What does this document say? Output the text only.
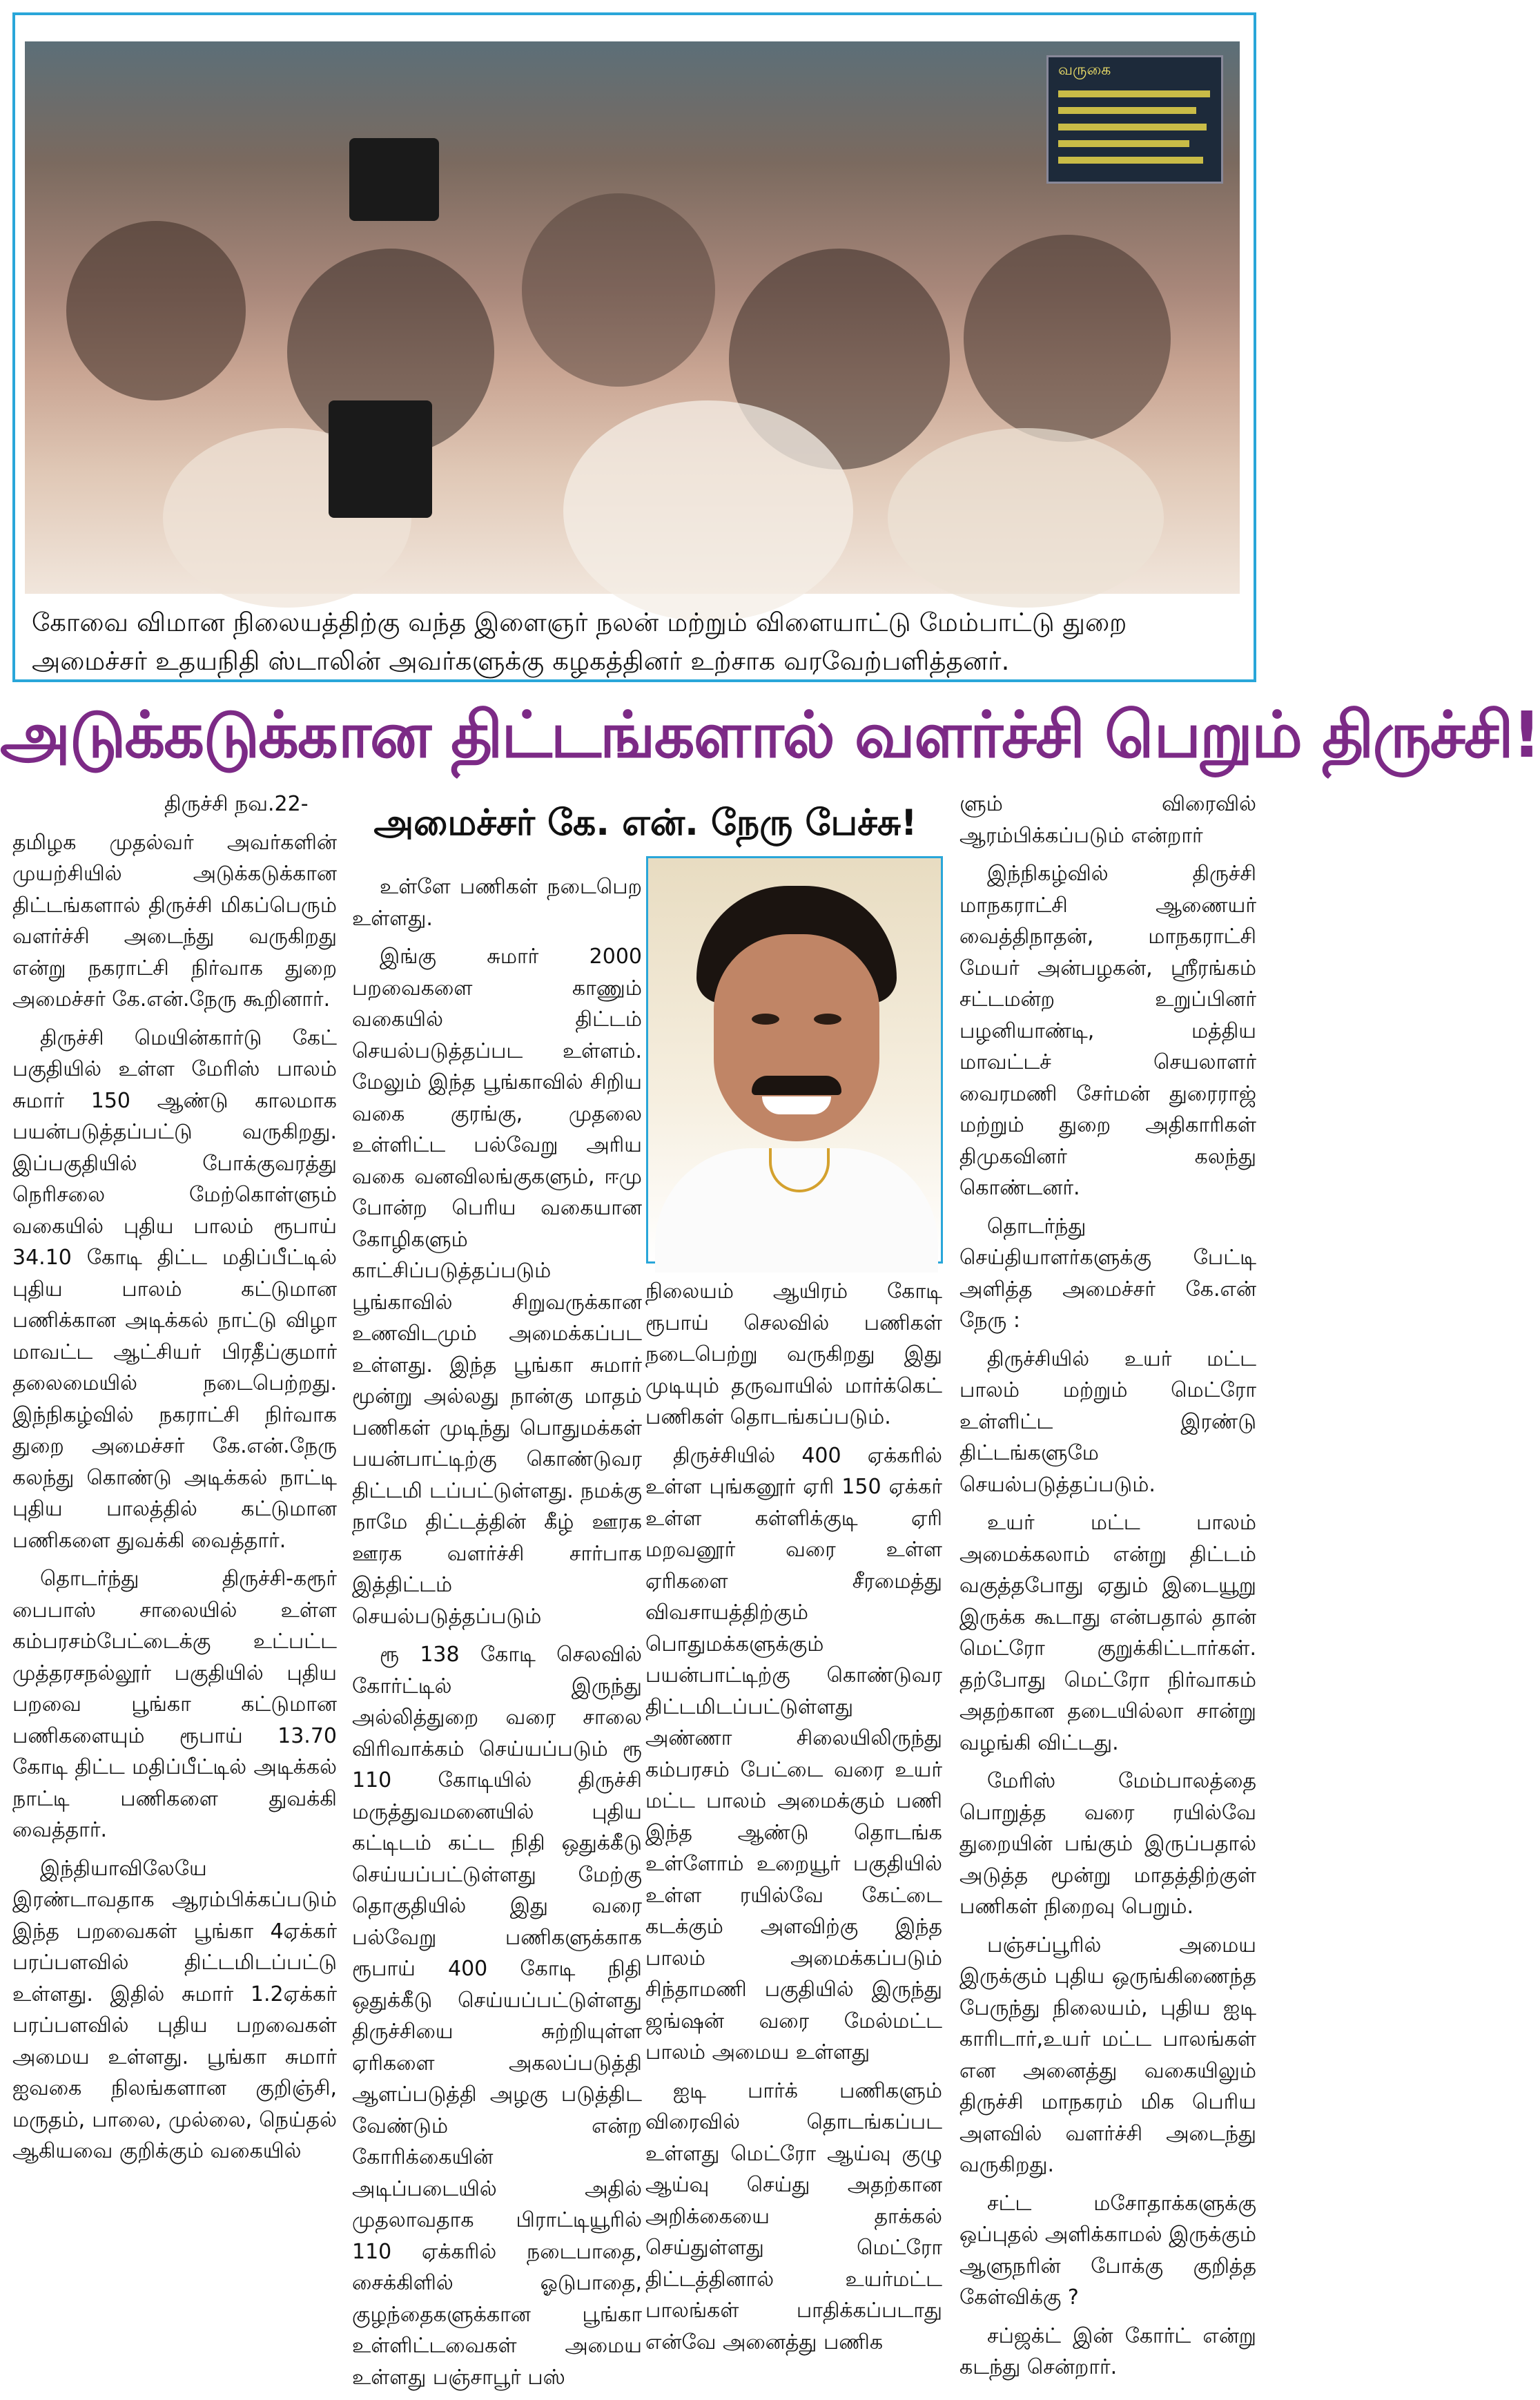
வருகை
கோவை விமான நிலையத்திற்கு வந்த இளைஞர் நலன் மற்றும் விளையாட்டு மேம்பாட்டு துறை அமைச்சர் உதயநிதி ஸ்டாலின் அவர்களுக்கு கழகத்தினர் உற்சாக வரவேற்பளித்தனர்.
அடுக்கடுக்கான திட்டங்களால் வளர்ச்சி பெறும் திருச்சி!
அமைச்சர் கே. என். நேரு பேச்சு!

திருச்சி நவ.22-

தமிழக முதல்வர் அவர்களின் முயற்சியில் அடுக்கடுக்கான திட்டங்களால் திருச்சி மிகப்பெரும் வளர்ச்சி அடைந்து வருகிறது என்று நகராட்சி நிர்வாக துறை அமைச்சர் கே.என்.நேரு கூறினார்.

திருச்சி மெயின்கார்டு கேட் பகுதியில் உள்ள மேரிஸ் பாலம் சுமார் 150 ஆண்டு காலமாக பயன்படுத்தப்பட்டு வருகிறது. இப்பகுதியில் போக்குவரத்து நெரிசலை மேற்கொள்ளும் வகையில் புதிய பாலம் ரூபாய் 34.10 கோடி திட்ட மதிப்பீட்டில் புதிய பாலம் கட்டுமான பணிக்கான அடிக்கல் நாட்டு விழா மாவட்ட ஆட்சியர் பிரதீப்குமார் தலைமையில் நடைபெற்றது. இந்நிகழ்வில் நகராட்சி நிர்வாக துறை அமைச்சர் கே.என்.நேரு கலந்து கொண்டு அடிக்கல் நாட்டி புதிய பாலத்தில் கட்டுமான பணிகளை துவக்கி வைத்தார்.

தொடர்ந்து திருச்சி-கரூர் பைபாஸ் சாலையில் உள்ள கம்பரசம்பேட்டைக்கு உட்பட்ட முத்தரசநல்லூர் பகுதியில் புதிய பறவை பூங்கா கட்டுமான பணிகளையும் ரூபாய் 13.70 கோடி திட்ட மதிப்பீட்டில் அடிக்கல் நாட்டி பணிகளை துவக்கி வைத்தார்.

இந்தியாவிலேயே இரண்டாவதாக ஆரம்பிக்கப்படும் இந்த பறவைகள் பூங்கா 4ஏக்கர் பரப்பளவில் திட்டமிடப்பட்டு உள்ளது. இதில் சுமார் 1.2ஏக்கர் பரப்பளவில் புதிய பறவைகள் அமைய உள்ளது. பூங்கா சுமார் ஐவகை நிலங்களான குறிஞ்சி, மருதம், பாலை, முல்லை, நெய்தல் ஆகியவை குறிக்கும் வகையில்

உள்ளே பணிகள் நடைபெற உள்ளது.

இங்கு சுமார் 2000 பறவைகளை காணும் வகையில் திட்டம் செயல்படுத்தப்பட உள்ளம். மேலும் இந்த பூங்காவில் சிறிய வகை குரங்கு, முதலை உள்ளிட்ட பல்வேறு அரிய வகை வனவிலங்குகளும், ஈமு போன்ற பெரிய வகையான கோழிகளும் காட்சிப்படுத்தப்படும் பூங்காவில் சிறுவருக்கான உணவிடமும் அமைக்கப்பட உள்ளது. இந்த பூங்கா சுமார் மூன்று அல்லது நான்கு மாதம் பணிகள் முடிந்து பொதுமக்கள் பயன்பாட்டிற்கு கொண்டுவர திட்டமி டப்பட்டுள்ளது. நமக்கு நாமே திட்டத்தின் கீழ் ஊரக ஊரக வளர்ச்சி சார்பாக இத்திட்டம் செயல்படுத்தப்படும்

ரூ 138 கோடி செலவில் கோர்ட்டில் இருந்து அல்லித்துறை வரை சாலை விரிவாக்கம் செய்யப்படும் ரூ 110 கோடியில் திருச்சி மருத்துவமனையில் புதிய கட்டிடம் கட்ட நிதி ஒதுக்கீடு செய்யப்பட்டுள்ளது மேற்கு தொகுதியில் இது வரை பல்வேறு பணிகளுக்காக ரூபாய் 400 கோடி நிதி ஒதுக்கீடு செய்யப்பட்டுள்ளது திருச்சியை சுற்றியுள்ள ஏரிகளை அகலப்படுத்தி ஆளப்படுத்தி அழகு படுத்திட வேண்டும் என்ற கோரிக்கையின் அடிப்படையில் அதில் முதலாவதாக பிராட்டியூரில் 110 ஏக்கரில் நடைபாதை, சைக்கிளில் ஓடுபாதை, குழந்தைகளுக்கான பூங்கா உள்ளிட்டவைகள் அமைய உள்ளது பஞ்சாபூர் பஸ்

நிலையம் ஆயிரம் கோடி ரூபாய் செலவில் பணிகள் நடைபெற்று வருகிறது இது முடியும் தருவாயில் மார்க்கெட் பணிகள் தொடங்கப்படும்.

திருச்சியில் 400 ஏக்கரில் உள்ள புங்கனூர் ஏரி 150 ஏக்கர் உள்ள கள்ளிக்குடி ஏரி மறவனூர் வரை உள்ள ஏரிகளை சீரமைத்து விவசாயத்திற்கும் பொதுமக்களுக்கும் பயன்பாட்டிற்கு கொண்டுவர திட்டமிடப்பட்டுள்ளது அண்ணா சிலையிலிருந்து கம்பரசம் பேட்டை வரை உயர் மட்ட பாலம் அமைக்கும் பணி இந்த ஆண்டு தொடங்க உள்ளோம் உறையூர் பகுதியில் உள்ள ரயில்வே கேட்டை கடக்கும் அளவிற்கு இந்த பாலம் அமைக்கப்படும் சிந்தாமணி பகுதியில் இருந்து ஜங்ஷன் வரை மேல்மட்ட பாலம் அமைய உள்ளது

ஐடி பார்க் பணிகளும் விரைவில் தொடங்கப்பட உள்ளது மெட்ரோ ஆய்வு குழு ஆய்வு செய்து அதற்கான அறிக்கையை தாக்கல் செய்துள்ளது மெட்ரோ திட்டத்தினால் உயர்மட்ட பாலங்கள் பாதிக்கப்படாது என்வே அனைத்து பணிக

ளும் விரைவில் ஆரம்பிக்கப்படும் என்றார்

இந்நிகழ்வில் திருச்சி மாநகராட்சி ஆணையர் வைத்திநாதன், மாநகராட்சி மேயர் அன்பழகன், ஸ்ரீரங்கம் சட்டமன்ற உறுப்பினர் பழனியாண்டி, மத்திய மாவட்டச் செயலாளர் வைரமணி சேர்மன் துரைராஜ் மற்றும் துறை அதிகாரிகள் திமுகவினர் கலந்து கொண்டனர்.

தொடர்ந்து செய்தியாளர்களுக்கு பேட்டி அளித்த அமைச்சர் கே.என் நேரு :

திருச்சியில் உயர் மட்ட பாலம் மற்றும் மெட்ரோ உள்ளிட்ட இரண்டு திட்டங்களுமே செயல்படுத்தப்படும்.

உயர் மட்ட பாலம் அமைக்கலாம் என்று திட்டம் வகுத்தபோது ஏதும் இடையூறு இருக்க கூடாது என்பதால் தான் மெட்ரோ குறுக்கிட்டார்கள். தற்போது மெட்ரோ நிர்வாகம் அதற்கான தடையில்லா சான்று வழங்கி விட்டது.

மேரிஸ் மேம்பாலத்தை பொறுத்த வரை ரயில்வே துறையின் பங்கும் இருப்பதால் அடுத்த மூன்று மாதத்திற்குள் பணிகள் நிறைவு பெறும்.

பஞ்சப்பூரில் அமைய இருக்கும் புதிய ஒருங்கிணைந்த பேருந்து நிலையம், புதிய ஐடி காரிடார்,உயர் மட்ட பாலங்கள் என அனைத்து வகையிலும் திருச்சி மாநகரம் மிக பெரிய அளவில் வளர்ச்சி அடைந்து வருகிறது.

சட்ட மசோதாக்களுக்கு ஒப்புதல் அளிக்காமல் இருக்கும் ஆளுநரின் போக்கு குறித்த கேள்விக்கு ?

சப்ஜக்ட் இன் கோர்ட் என்று கடந்து சென்றார்.
